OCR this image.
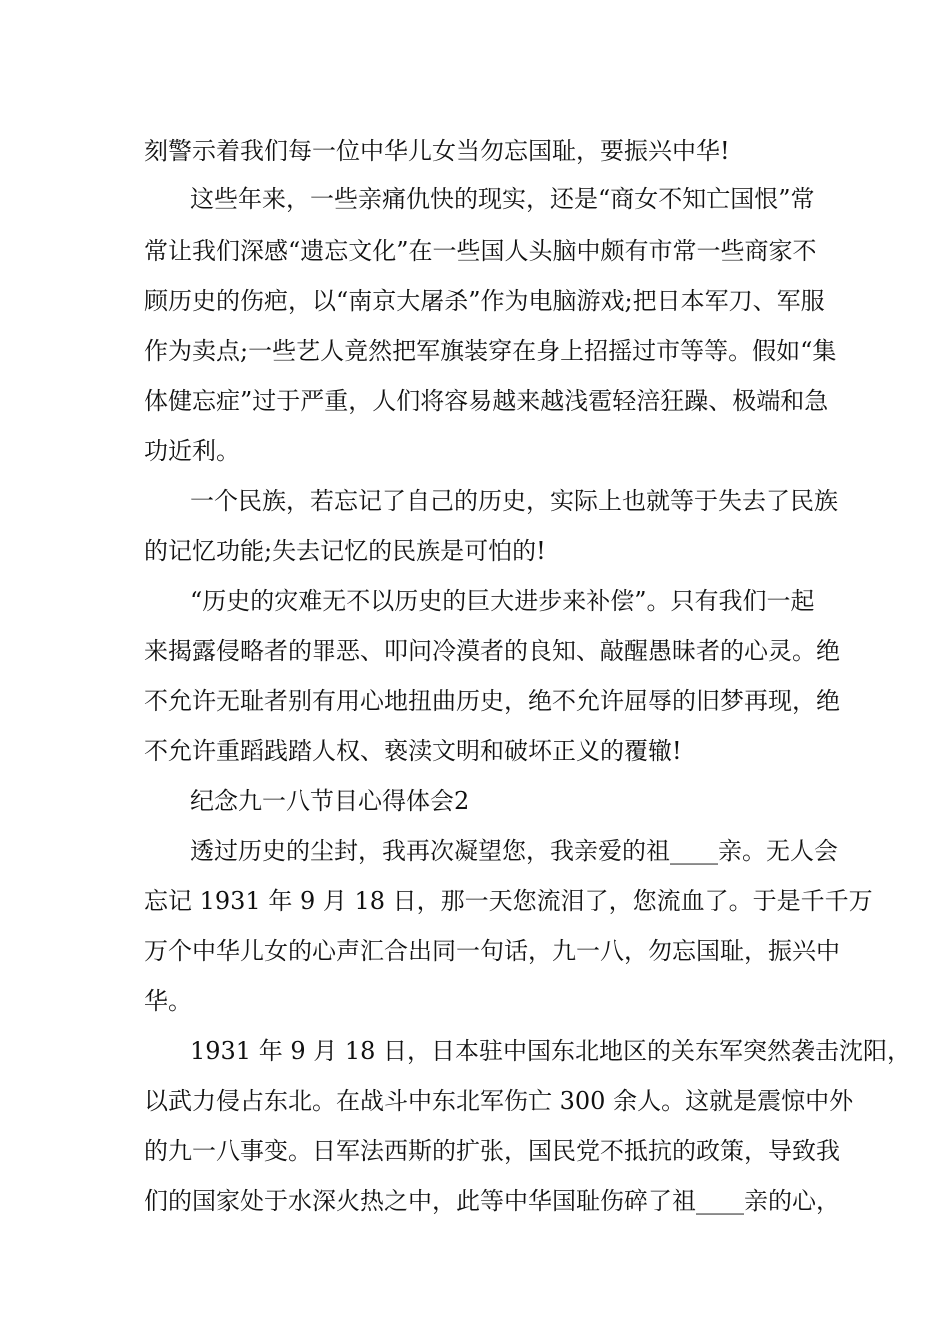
刻警示着我们每一位中华儿女当勿忘国耻，要振兴中华!
这些年来，一些亲痛仇快的现实，还是“商女不知亡国恨”常
常让我们深感“遗忘文化”在一些国人头脑中颇有市常一些商家不
顾历史的伤疤，以“南京大屠杀”作为电脑游戏;把日本军刀、军服
作为卖点;一些艺人竟然把军旗装穿在身上招摇过市等等。假如“集
体健忘症”过于严重，人们将容易越来越浅雹轻涪狂躁、极端和急
功近利。
一个民族，若忘记了自己的历史，实际上也就等于失去了民族
的记忆功能;失去记忆的民族是可怕的!
“历史的灾难无不以历史的巨大进步来补偿”。只有我们一起
来揭露侵略者的罪恶、叩问冷漠者的良知、敲醒愚昧者的心灵。绝
不允许无耻者别有用心地扭曲历史，绝不允许屈辱的旧梦再现，绝
不允许重蹈践踏人权、亵渎文明和破坏正义的覆辙!
纪念九一八节目心得体会2
透过历史的尘封，我再次凝望您，我亲爱的祖____亲。无人会
忘记 1931 年 9 月 18 日，那一天您流泪了，您流血了。于是千千万
万个中华儿女的心声汇合出同一句话，九一八，勿忘国耻，振兴中
华。
1931 年 9 月 18 日，日本驻中国东北地区的关东军突然袭击沈阳，
以武力侵占东北。在战斗中东北军伤亡 300 余人。这就是震惊中外
的九一八事变。日军法西斯的扩张，国民党不抵抗的政策，导致我
们的国家处于水深火热之中，此等中华国耻伤碎了祖____亲的心，
